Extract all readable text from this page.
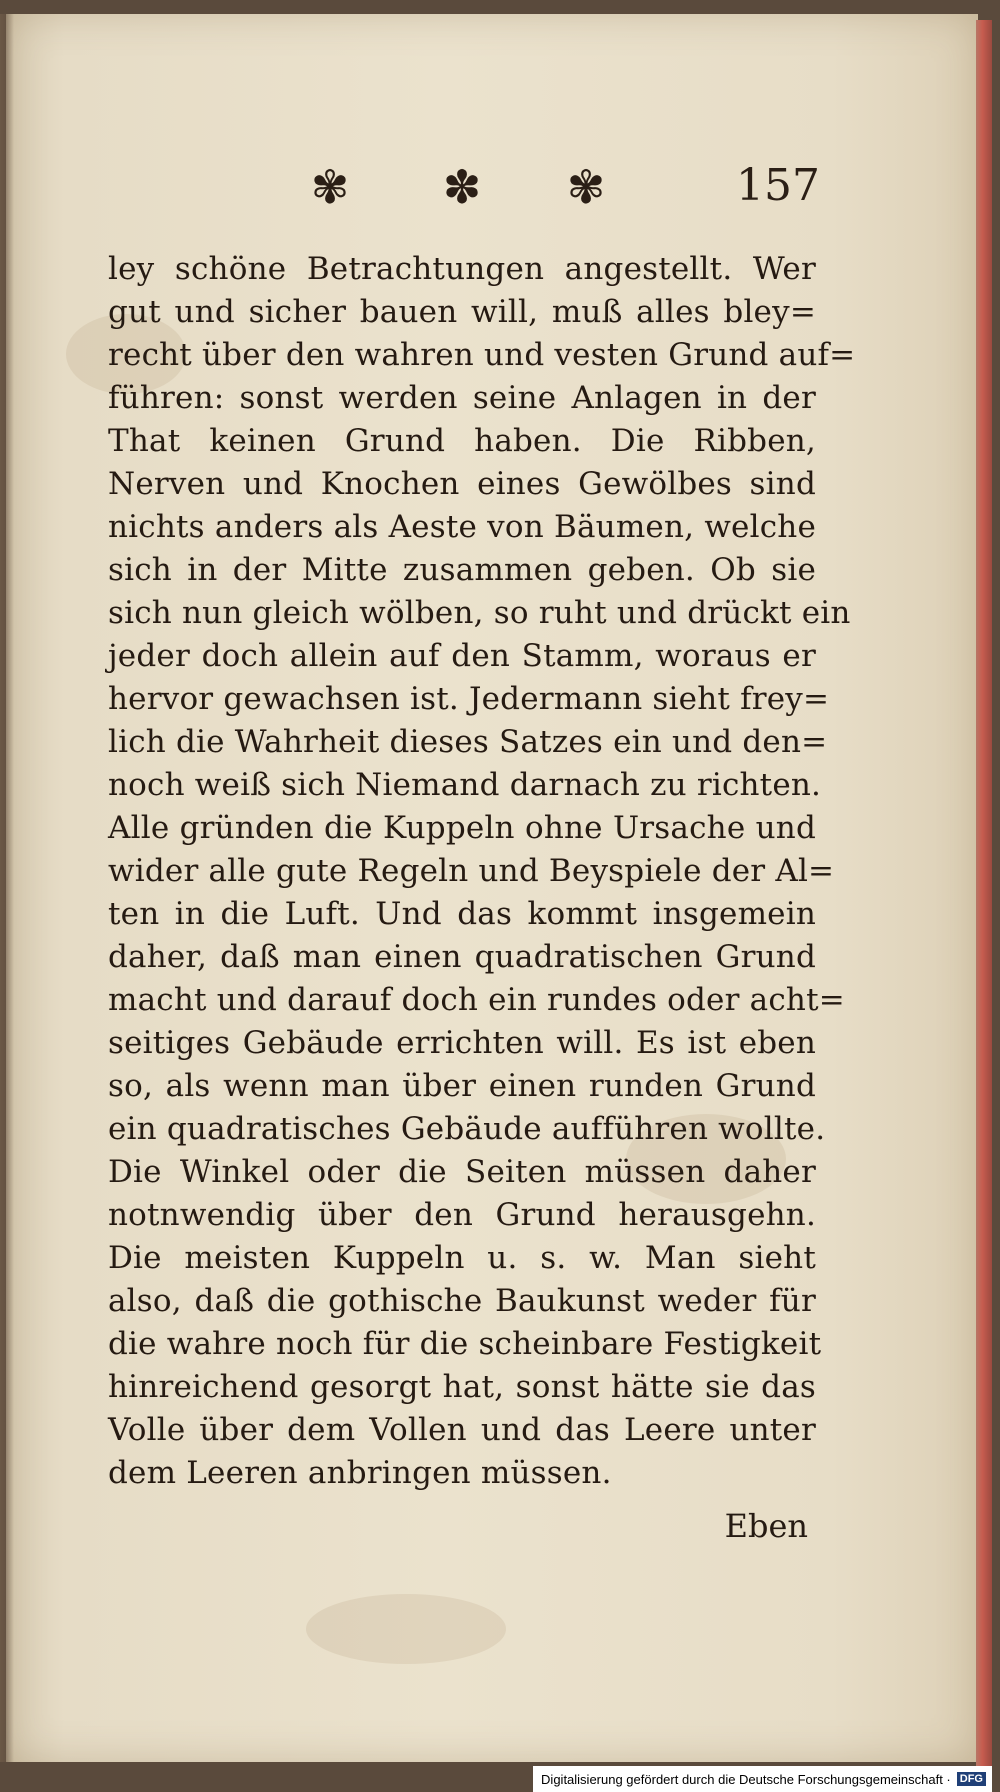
✾ ✽ ✾	157
ley schöne Betrachtungen angestellt. Wer
gut und sicher bauen will, muß alles bley=
recht über den wahren und vesten Grund auf=
führen: sonst werden seine Anlagen in der
That keinen Grund haben. Die Ribben,
Nerven und Knochen eines Gewölbes sind
nichts anders als Aeste von Bäumen, welche
sich in der Mitte zusammen geben. Ob sie
sich nun gleich wölben, so ruht und drückt ein
jeder doch allein auf den Stamm, woraus er
hervor gewachsen ist. Jedermann sieht frey=
lich die Wahrheit dieses Satzes ein und den=
noch weiß sich Niemand darnach zu richten.
Alle gründen die Kuppeln ohne Ursache und
wider alle gute Regeln und Beyspiele der Al=
ten in die Luft. Und das kommt insgemein
daher, daß man einen quadratischen Grund
macht und darauf doch ein rundes oder acht=
seitiges Gebäude errichten will. Es ist eben
so, als wenn man über einen runden Grund
ein quadratisches Gebäude aufführen wollte.
Die Winkel oder die Seiten müssen daher
notnwendig über den Grund herausgehn.
Die meisten Kuppeln u. s. w. Man sieht
also, daß die gothische Baukunst weder für
die wahre noch für die scheinbare Festigkeit
hinreichend gesorgt hat, sonst hätte sie das
Volle über dem Vollen und das Leere unter
dem Leeren anbringen müssen.
Eben
Digitalisierung gefördert durch die Deutsche Forschungsgemeinschaft · DFG
